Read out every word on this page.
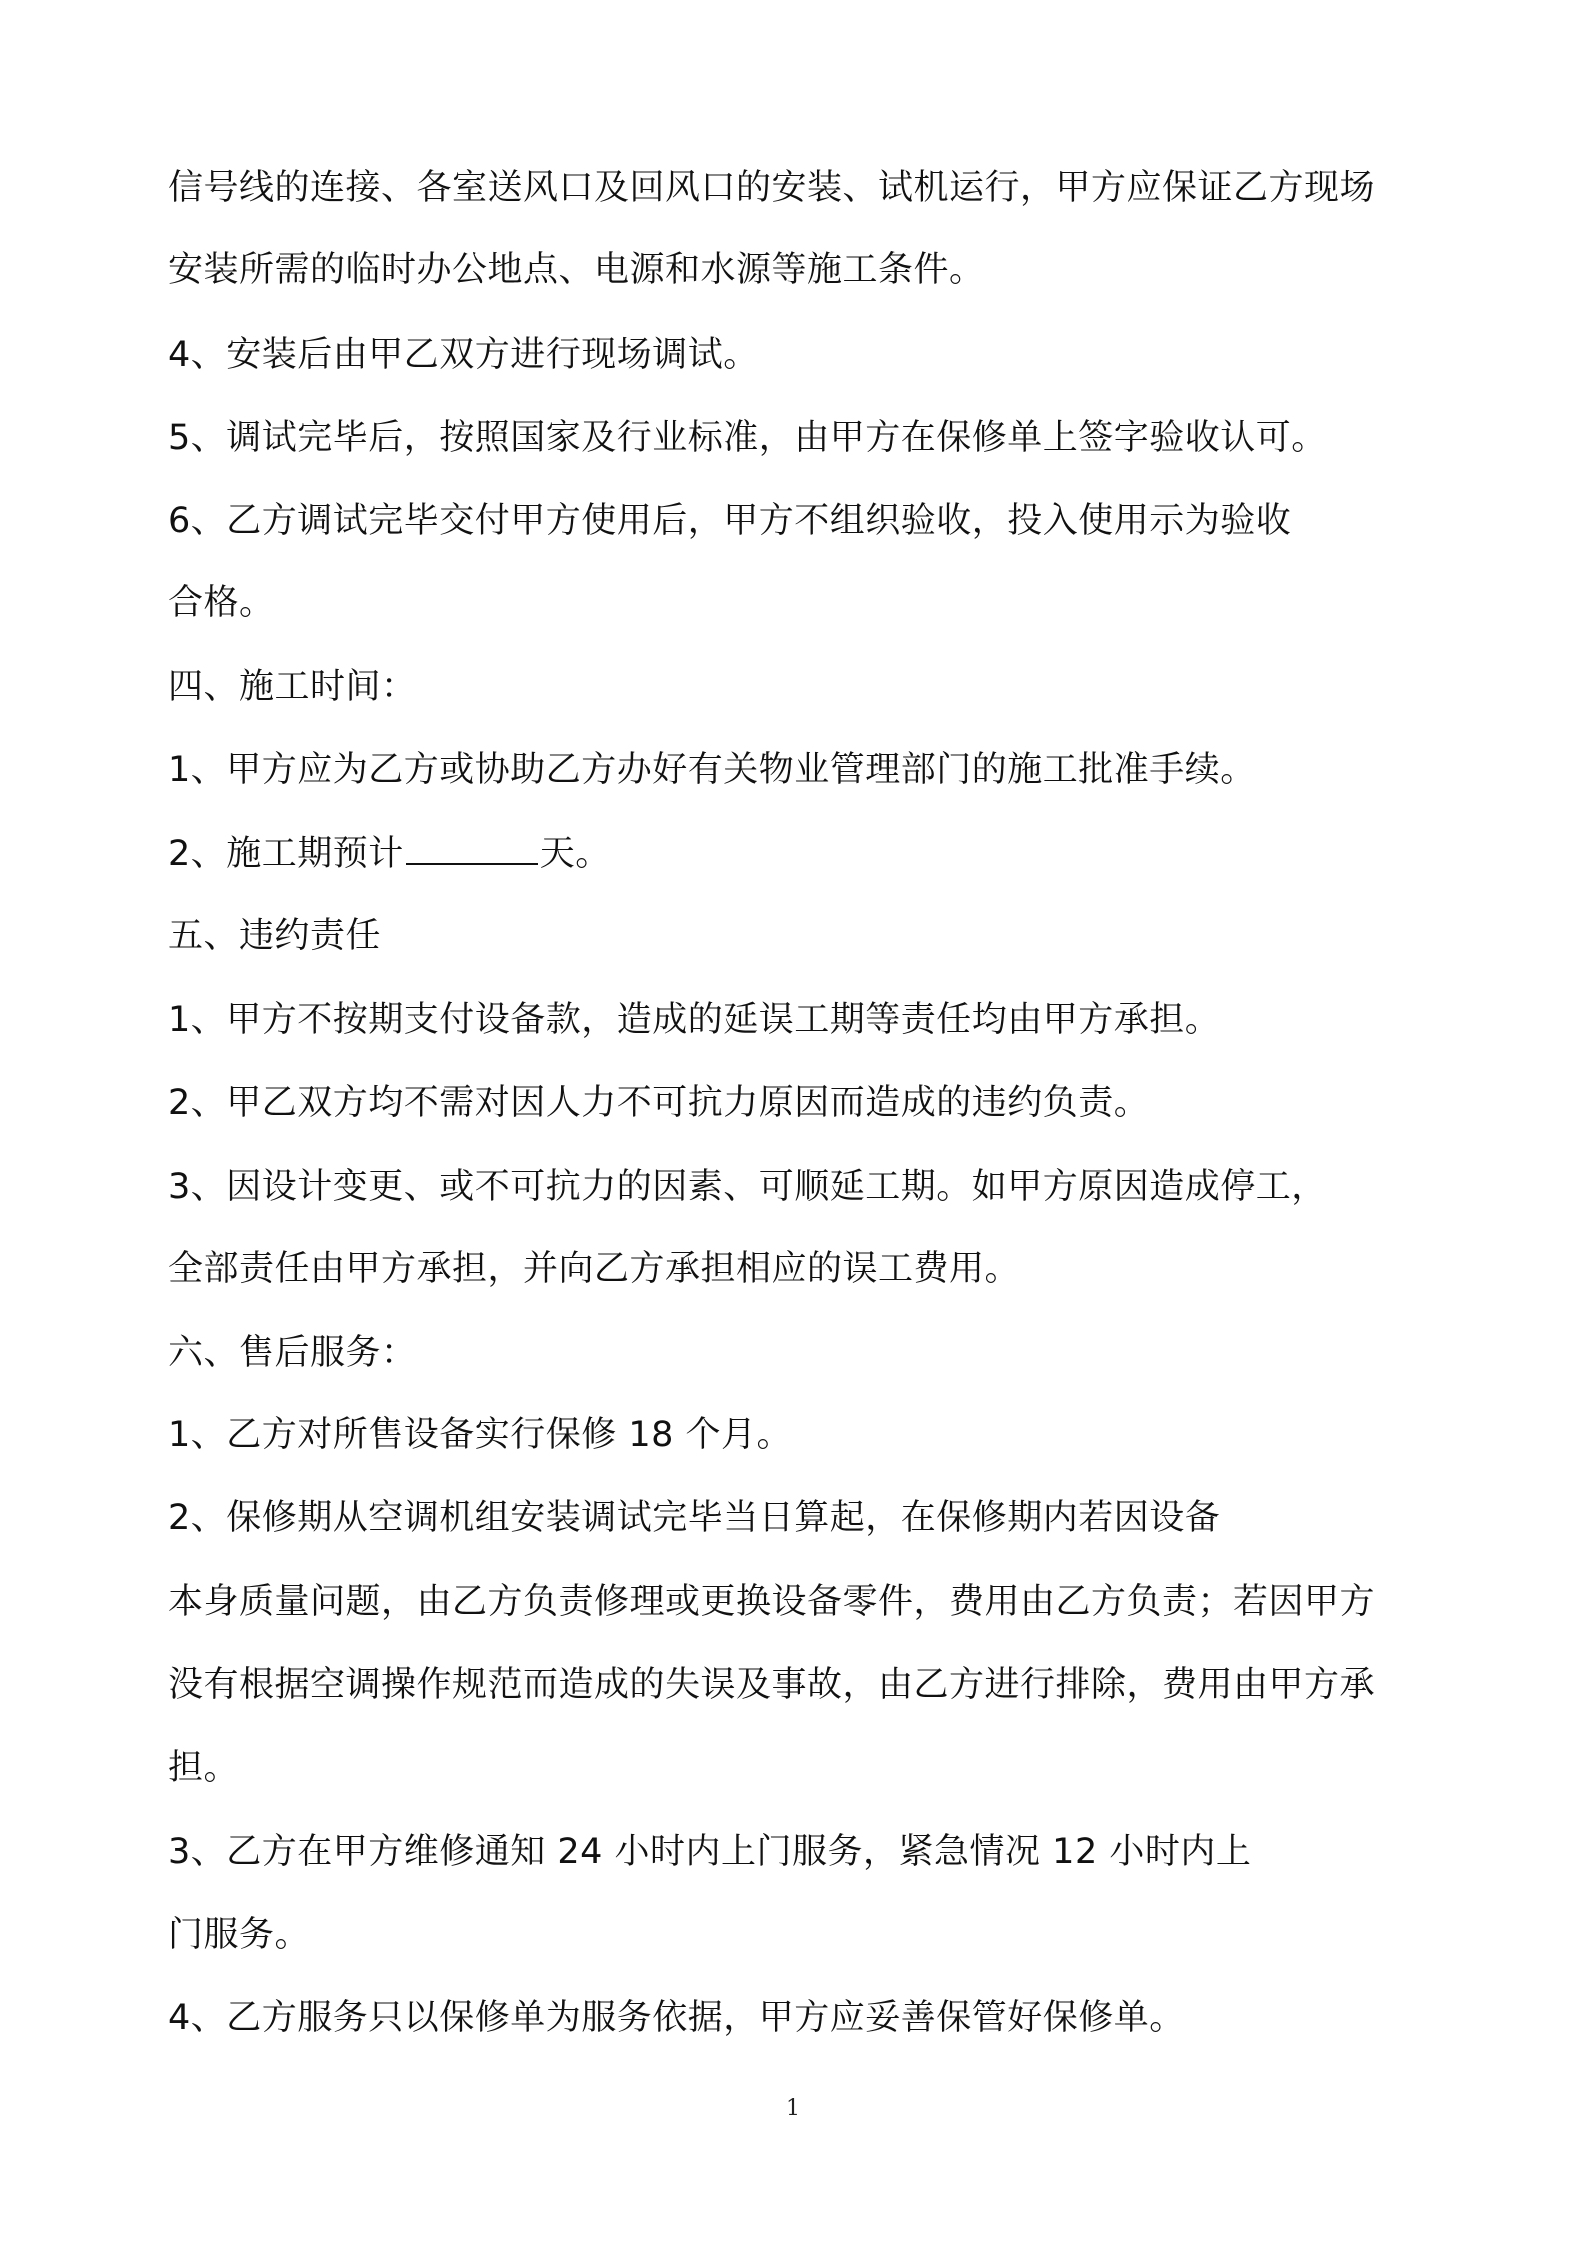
信号线的连接、各室送风口及回风口的安装、试机运行，甲方应保证乙方现场
安装所需的临时办公地点、电源和水源等施工条件。
4、安装后由甲乙双方进行现场调试。
5、调试完毕后，按照国家及行业标准，由甲方在保修单上签字验收认可。
6、乙方调试完毕交付甲方使用后，甲方不组织验收，投入使用示为验收
合格。
四、施工时间：
1、甲方应为乙方或协助乙方办好有关物业管理部门的施工批准手续。
2、施工期预计	天。
五、违约责任
1、甲方不按期支付设备款，造成的延误工期等责任均由甲方承担。
2、甲乙双方均不需对因人力不可抗力原因而造成的违约负责。
3、因设计变更、或不可抗力的因素、可顺延工期。如甲方原因造成停工，
全部责任由甲方承担，并向乙方承担相应的误工费用。
六、售后服务：
1、乙方对所售设备实行保修 18 个月。
2、保修期从空调机组安装调试完毕当日算起，在保修期内若因设备
本身质量问题，由乙方负责修理或更换设备零件，费用由乙方负责；若因甲方
没有根据空调操作规范而造成的失误及事故，由乙方进行排除，费用由甲方承
担。
3、乙方在甲方维修通知 24 小时内上门服务，紧急情况 12 小时内上
门服务。
4、乙方服务只以保修单为服务依据，甲方应妥善保管好保修单。
1
